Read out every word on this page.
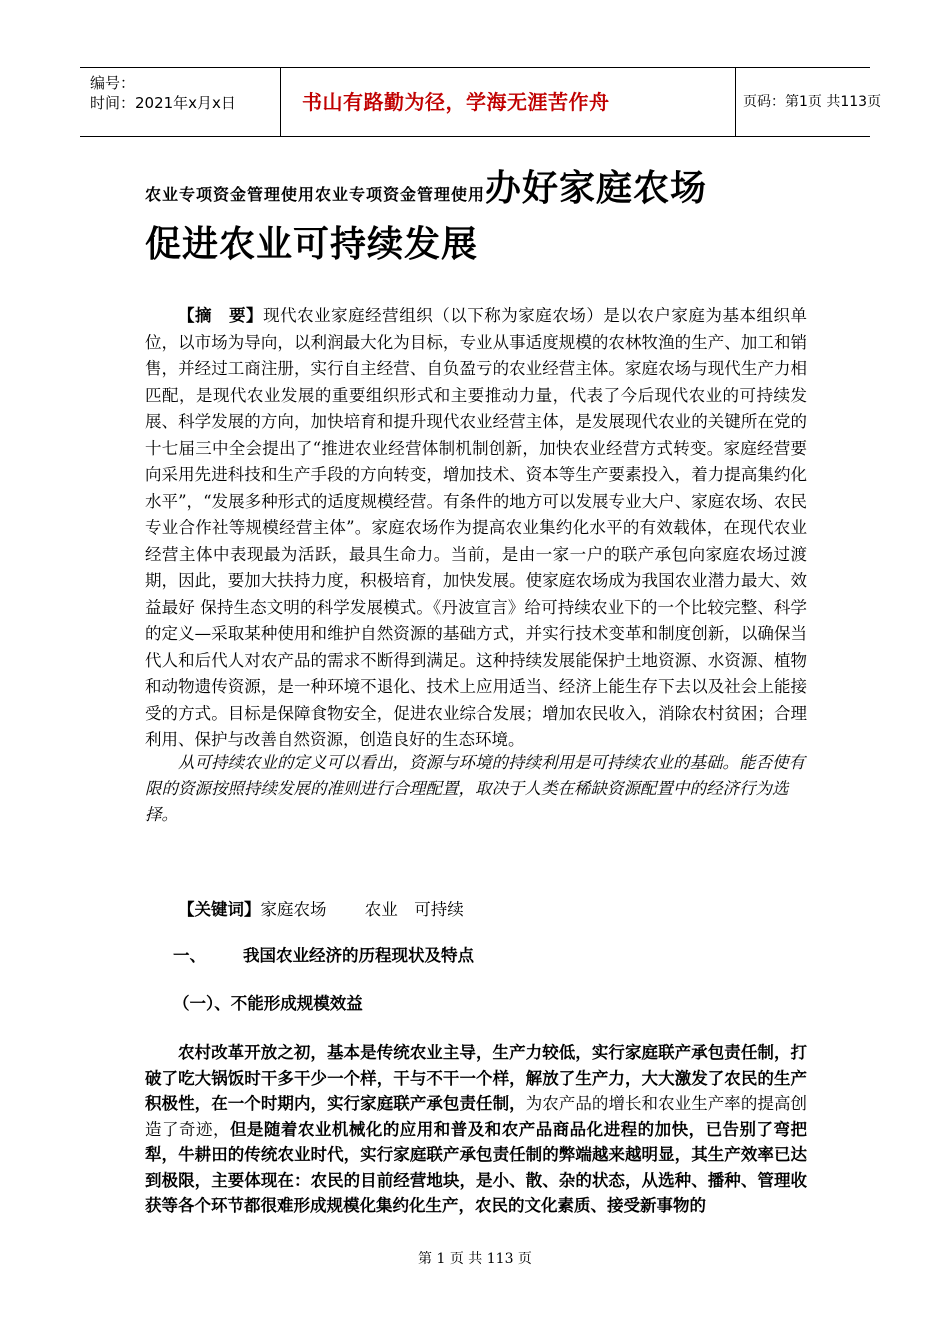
编号：
时间：2021年x月x日	书山有路勤为径，学海无涯苦作舟	页码：第1页 共113页
农业专项资金管理使用农业专项资金管理使用办好家庭农场
促进农业可持续发展

【摘　要】现代农业家庭经营组织（以下称为家庭农场）是以农户家庭为基本组织单位，以市场为导向，以利润最大化为目标，专业从事适度规模的农林牧渔的生产、加工和销售，并经过工商注册，实行自主经营、自负盈亏的农业经营主体。家庭农场与现代生产力相匹配，是现代农业发展的重要组织形式和主要推动力量，代表了今后现代农业的可持续发展、科学发展的方向，加快培育和提升现代农业经营主体，是发展现代农业的关键所在党的十七届三中全会提出了“推进农业经营体制机制创新，加快农业经营方式转变。家庭经营要向采用先进科技和生产手段的方向转变，增加技术、资本等生产要素投入，着力提高集约化水平”，“发展多种形式的适度规模经营。有条件的地方可以发展专业大户、家庭农场、农民专业合作社等规模经营主体”。家庭农场作为提高农业集约化水平的有效载体，在现代农业经营主体中表现最为活跃，最具生命力。当前，是由一家一户的联产承包向家庭农场过渡期，因此，要加大扶持力度，积极培育，加快发展。使家庭农场成为我国农业潜力最大、效益最好 保持生态文明的科学发展模式。《丹波宣言》给可持续农业下的一个比较完整、科学的定义—采取某种使用和维护自然资源的基础方式，并实行技术变革和制度创新，以确保当代人和后代人对农产品的需求不断得到满足。这种持续发展能保护土地资源、水资源、植物和动物遗传资源，是一种环境不退化、技术上应用适当、经济上能生存下去以及社会上能接受的方式。目标是保障食物安全，促进农业综合发展；增加农民收入，消除农村贫困；合理利用、保护与改善自然资源，创造良好的生态环境。

从可持续农业的定义可以看出，资源与环境的持续利用是可持续农业的基础。能否使有限的资源按照持续发展的准则进行合理配置，取决于人类在稀缺资源配置中的经济行为选择。

【关键词】家庭农场　　 农业　可持续

一、 我国农业经济的历程现状及特点
（一）、不能形成规模效益

农村改革开放之初，基本是传统农业主导，生产力较低，实行家庭联产承包责任制，打破了吃大锅饭时干多干少一个样，干与不干一个样，解放了生产力，大大激发了农民的生产积极性，在一个时期内，实行家庭联产承包责任制，为农产品的增长和农业生产率的提高创造了奇迹，但是随着农业机械化的应用和普及和农产品商品化进程的加快，已告别了弯把犁，牛耕田的传统农业时代，实行家庭联产承包责任制的弊端越来越明显，其生产效率已达到极限，主要体现在：农民的目前经营地块，是小、散、杂的状态，从选种、播种、管理收获等各个环节都很难形成规模化集约化生产，农民的文化素质、接受新事物的

第 1 页 共 113 页
